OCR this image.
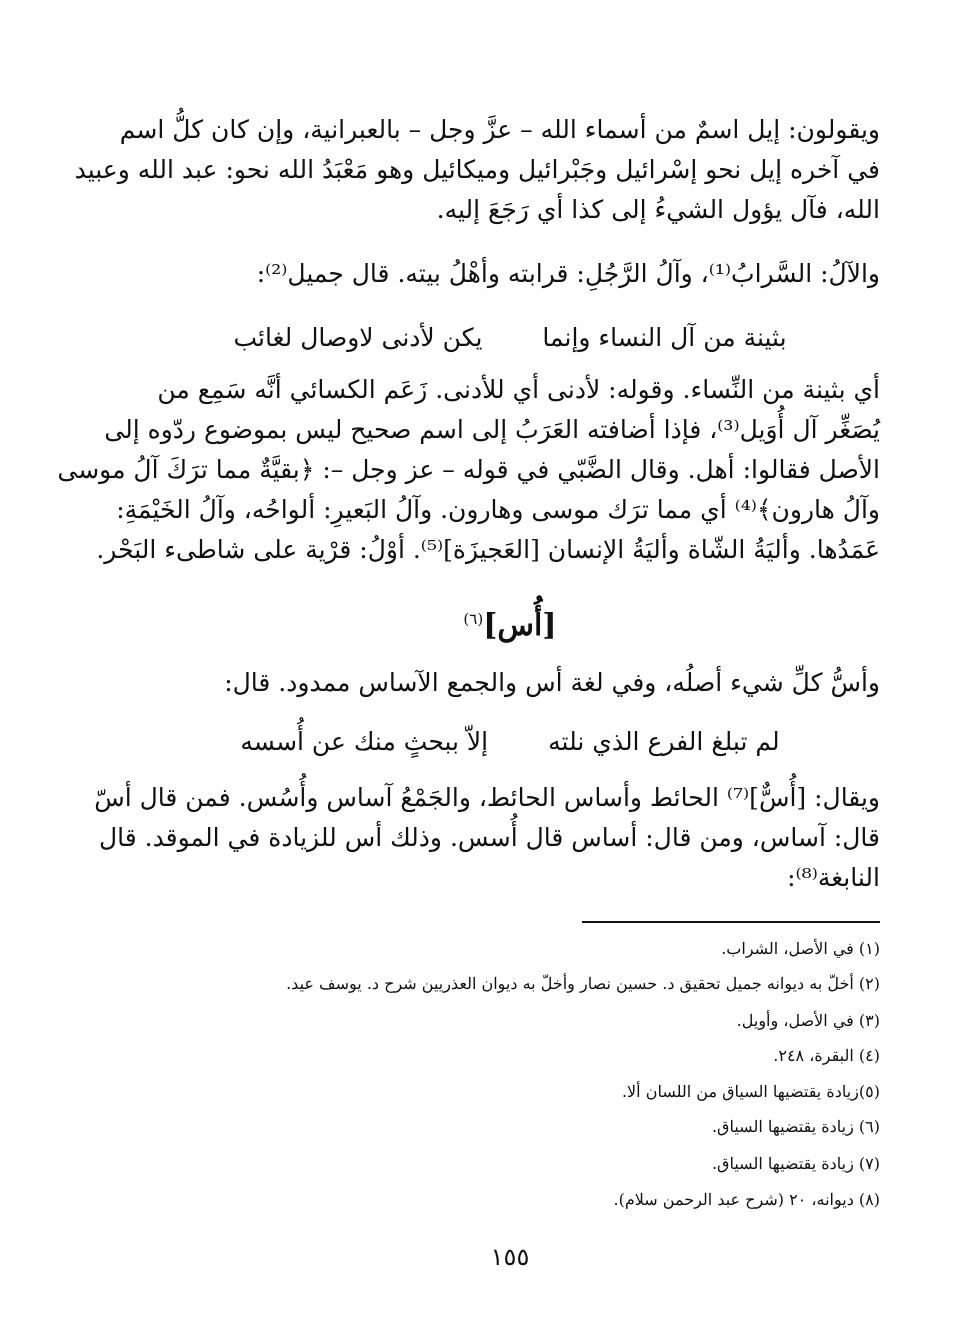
ويقولون: إيل اسمٌ من أسماء الله – عزَّ وجل – بالعبرانية، وإن كان كلُّ اسم
في آخره إيل نحو إسْرائيل وجَبْرائيل وميكائيل وهو مَعْبَدُ الله نحو: عبد الله وعبيد
الله، فآل يؤول الشيءُ إلى كذا أي رَجَعَ إليه.
والآلُ: السَّرابُ⁽¹⁾، وآلُ الرَّجُلِ: قرابته وأهْلُ بيته. قال جميل⁽²⁾:
بثينة من آل النساء وإنما
يكن لأدنى لاوصال لغائب
أي بثينة من النِّساء. وقوله: لأدنى أي للأدنى. زَعَم الكسائي أنَّه سَمِع من
يُصَغِّر آل أُوَيل⁽³⁾، فإذا أضافته العَرَبُ إلى اسم صحيح ليس بموضوع ردّوه إلى
الأصل فقالوا: أهل. وقال الضَّبّي في قوله – عز وجل –: ﴿بقيَّةٌ مما ترَكَ آلُ موسى
وآلُ هارون﴾⁽⁴⁾ أي مما ترَك موسى وهارون. وآلُ البَعيرِ: ألواحُه، وآلُ الخَيْمَةِ:
عَمَدُها. وأليَةُ الشّاة وأليَةُ الإنسان [العَجيزَة]⁽⁵⁾. أوْلُ: قرْية على شاطىء البَحْر.
[أُس]$^{(٦)}$
وأسُّ كلِّ شيء أصلُه، وفي لغة أس والجمع الآساس ممدود. قال:
لم تبلغ الفرع الذي نلته
إلاّ ببحثٍ منك عن أُسسه
ويقال: [أُسٌّ]⁽⁷⁾ الحائط وأساس الحائط، والجَمْعُ آساس وأُسُس. فمن قال أسّ
قال: آساس، ومن قال: أساس قال أُسس. وذلك أس للزيادة في الموقد. قال
النابغة⁽⁸⁾:
(١) في الأصل، الشراب.
(٢) أخلّ به ديوانه جميل تحقيق د. حسين نصار وأخلّ به ديوان العذريين شرح د. يوسف عيد.
(٣) في الأصل، وأويل.
(٤) البقرة، ٢٤٨.
(٥)زيادة يقتضيها السياق من اللسان ألا.
(٦) زيادة يقتضيها السياق.
(٧) زيادة يقتضيها السياق.
(٨) ديوانه، ٢٠ (شرح عبد الرحمن سلام).
١٥٥
